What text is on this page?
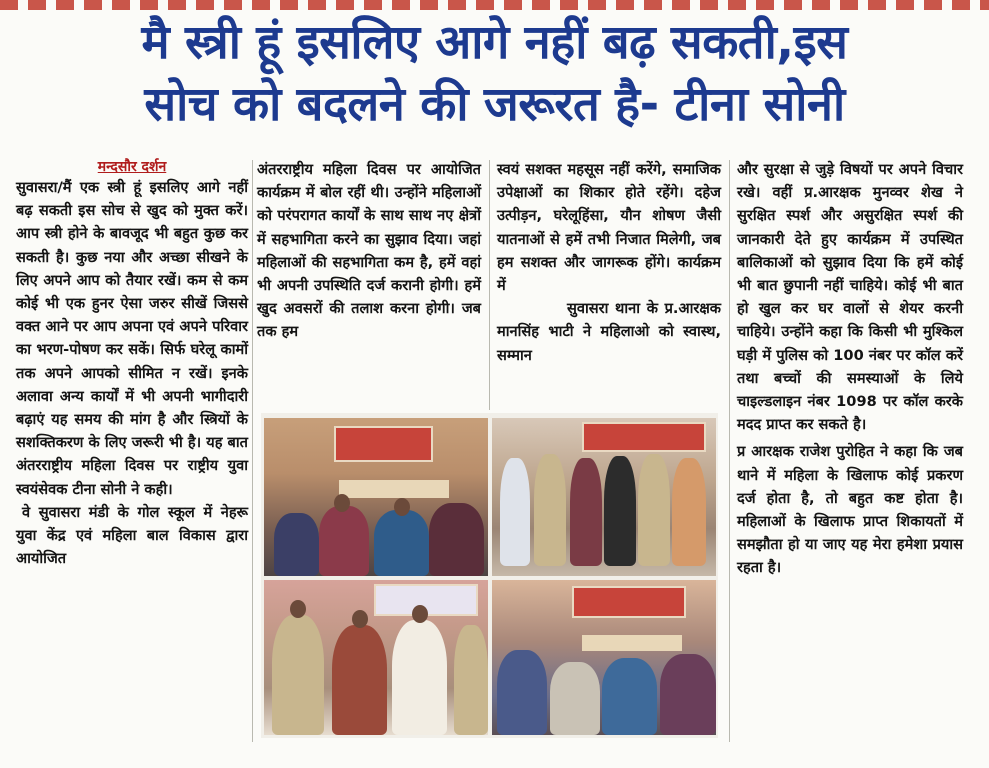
मै स्त्री हूं इसलिए आगे नहीं बढ़ सकती,इस
सोच को बदलने की जरूरत है- टीना सोनी
मन्दसौर दर्शन

सुवासरा/मैं एक स्त्री हूं इसलिए आगे नहीं बढ़ सकती इस सोच से खुद को मुक्त करें। आप स्त्री होने के बावजूद भी बहुत कुछ कर सकती है। कुछ नया और अच्छा सीखने के लिए अपने आप को तैयार रखें। कम से कम कोई भी एक हुनर ऐसा जरुर सीखें जिससे वक्त आने पर आप अपना एवं अपने परिवार का भरण-पोषण कर सकें। सिर्फ घरेलू कामों तक अपने आपको सीमित न रखें। इनके अलावा अन्य कार्यों में भी अपनी भागीदारी बढ़ाएं यह समय की मांग है और स्त्रियों के सशक्तिकरण के लिए जरूरी भी है। यह बात अंतरराष्ट्रीय महिला दिवस पर राष्ट्रीय युवा स्वयंसेवक टीना सोनी ने कही।

वे सुवासरा मंडी के गोल स्कूल में नेहरू युवा केंद्र एवं महिला बाल विकास द्वारा आयोजित

अंतरराष्ट्रीय महिला दिवस पर आयोजित कार्यक्रम में बोल रहीं थी। उन्होंने महिलाओं को परंपरागत कार्यों के साथ साथ नए क्षेत्रों में सहभागिता करने का सुझाव दिया। जहां महिलाओं की सहभागिता कम है, हमें वहां भी अपनी उपस्थिति दर्ज करानी होगी। हमें खुद अवसरों की तलाश करना होगी। जब तक हम

स्वयं सशक्त महसूस नहीं करेंगे, समाजिक उपेक्षाओं का शिकार होते रहेंगे। दहेज उत्पीड़न, घरेलूहिंसा, यौन शोषण जैसी यातनाओं से हमें तभी निजात मिलेगी, जब हम सशक्त और जागरूक होंगे। कार्यक्रम में

सुवासरा थाना के प्र.आरक्षक मानसिंह भाटी ने महिलाओ को स्वास्थ, सम्मान

और सुरक्षा से जुड़े विषयों पर अपने विचार रखे। वहीं प्र.आरक्षक मुनव्वर शेख ने सुरक्षित स्पर्श और असुरक्षित स्पर्श की जानकारी देते हुए कार्यक्रम में उपस्थित बालिकाओं को सुझाव दिया कि हमें कोई भी बात छुपानी नहीं चाहिये। कोई भी बात हो खुल कर घर वालों से शेयर करनी चाहिये। उन्होंने कहा कि किसी भी मुश्किल घड़ी में पुलिस को 100 नंबर पर कॉल करें तथा बच्चों की समस्याओं के लिये चाइल्डलाइन नंबर 1098 पर कॉल करके मदद प्राप्त कर सकते है।

प्र आरक्षक राजेश पुरोहित ने कहा कि जब थाने में महिला के खिलाफ कोई प्रकरण दर्ज होता है, तो बहुत कष्ट होता है। महिलाओं के खिलाफ प्राप्त शिकायतों में समझौता हो या जाए यह मेरा हमेशा प्रयास रहता है।
